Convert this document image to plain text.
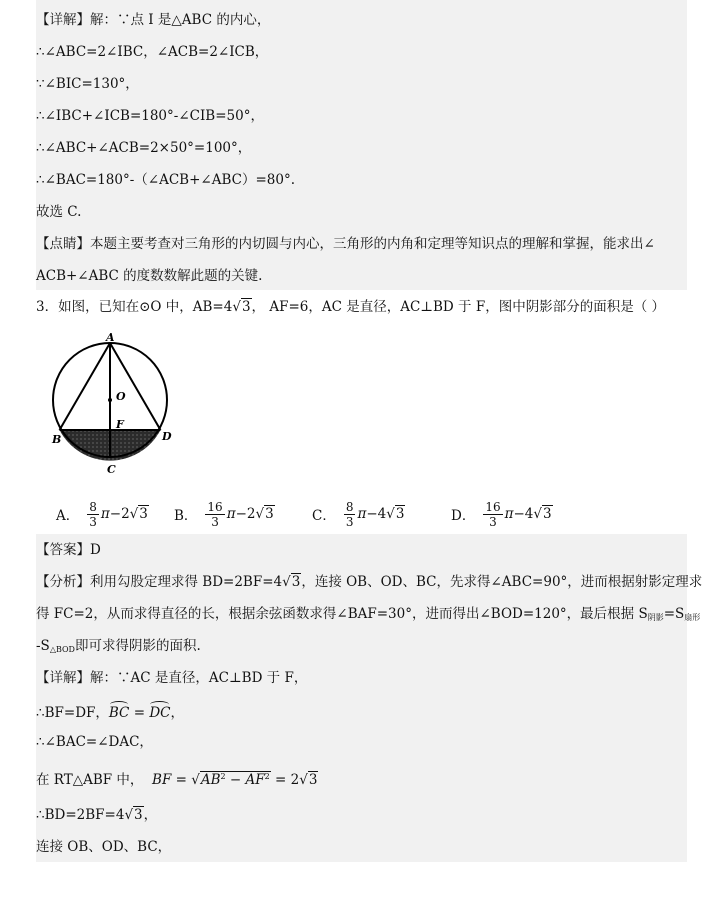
【详解】解：∵点 I 是△ABC 的内心，
∴∠ABC=2∠IBC，∠ACB=2∠ICB，
∵∠BIC=130°，
∴∠IBC+∠ICB=180°-∠CIB=50°，
∴∠ABC+∠ACB=2×50°=100°，
∴∠BAC=180°-（∠ACB+∠ABC）=80°.
故选 C.
【点睛】本题主要考查对三角形的内切圆与内心，三角形的内角和定理等知识点的理解和掌握，能求出∠
ACB+∠ABC 的度数数解此题的关键.
3．如图，已知在⊙O 中，AB=4√3， AF=6，AC 是直径，AC⊥BD 于 F，图中阴影部分的面积是（ ）
A
O
F
B	D
C
A． $\frac{8}{3}$ π − 2 √3 B． $\frac{16}{3}$ π − 2 √3	C． $\frac{8}{3}$ π − 4 √3	D． $\frac{16}{3}$ π − 4 √3
【答案】D
【分析】利用勾股定理求得 BD=2BF=4√3，连接 OB、OD、BC，先求得∠ABC=90°，进而根据射影定理求
得 FC=2，从而求得直径的长，根据余弦函数求得∠BAF=30°，进而得出∠BOD=120°，最后根据 S阴影=S扇形
-S△BOD即可求得阴影的面积.
【详解】解：∵AC 是直径，AC⊥BD 于 F，
∴BF=DF，BC = DC，
∴∠BAC=∠DAC，
在 RT△ABF 中， BF = $√AB^2 - AF^2 = 2√3$
∴BD=2BF=4√3，
连接 OB、OD、BC，
